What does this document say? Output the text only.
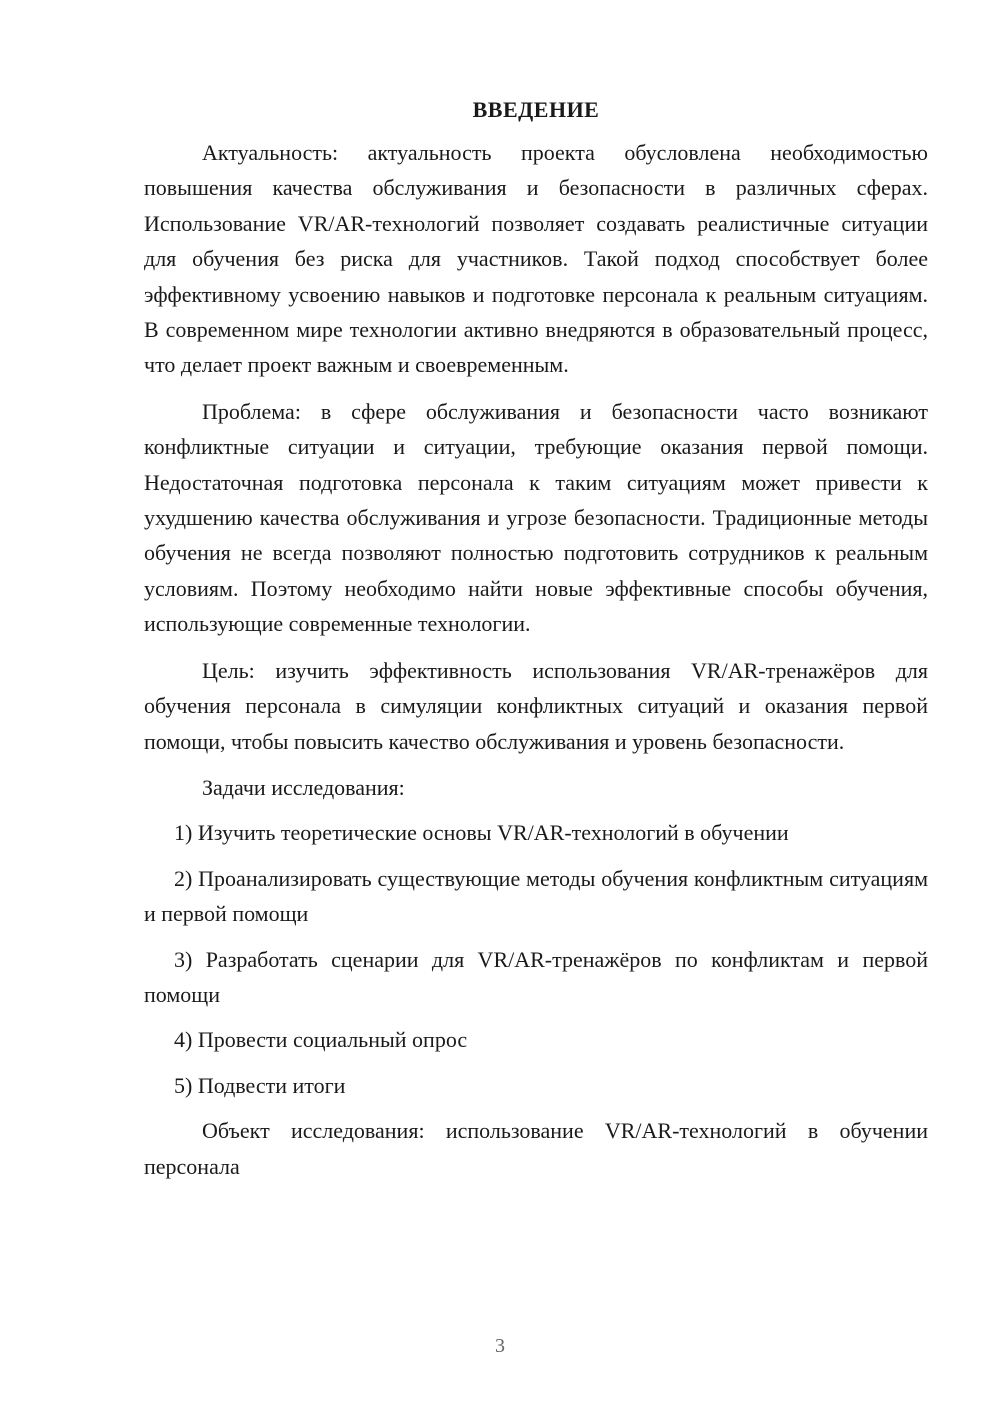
ВВЕДЕНИЕ

Актуальность: актуальность проекта обусловлена необходимостью повышения качества обслуживания и безопасности в различных сферах. Использование VR/AR-технологий позволяет создавать реалистичные ситуации для обучения без риска для участников. Такой подход способствует более эффективному усвоению навыков и подготовке персонала к реальным ситуациям. В современном мире технологии активно внедряются в образовательный процесс, что делает проект важным и своевременным.

Проблема: в сфере обслуживания и безопасности часто возникают конфликтные ситуации и ситуации, требующие оказания первой помощи. Недостаточная подготовка персонала к таким ситуациям может привести к ухудшению качества обслуживания и угрозе безопасности. Традиционные методы обучения не всегда позволяют полностью подготовить сотрудников к реальным условиям. Поэтому необходимо найти новые эффективные способы обучения, использующие современные технологии.

Цель: изучить эффективность использования VR/AR-тренажёров для обучения персонала в симуляции конфликтных ситуаций и оказания первой помощи, чтобы повысить качество обслуживания и уровень безопасности.

Задачи исследования:

1) Изучить теоретические основы VR/AR-технологий в обучении
2) Проанализировать существующие методы обучения конфликтным ситуациям и первой помощи
3) Разработать сценарии для VR/AR-тренажёров по конфликтам и первой помощи
4) Провести социальный опрос
5) Подвести итоги

Объект исследования: использование VR/AR-технологий в обучении персонала

3
